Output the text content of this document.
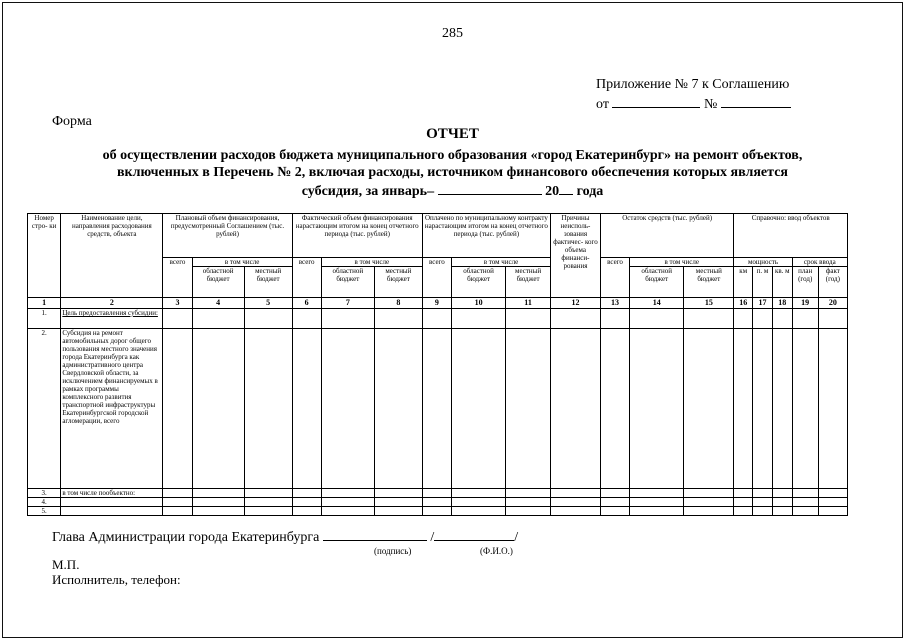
285
Приложение № 7 к Соглашению
от	№
Форма
ОТЧЕТ
об осуществлении расходов бюджета муниципального образования «город Екатеринбург» на ремонт объектов,
включенных в Перечень № 2, включая расходы, источником финансового обеспечения которых является
субсидия, за январь–	20 года
Номер стро- ки	Наименование цели, направления расходования средств, объекта	Плановый объем финансирования, предусмотренный Соглашением (тыс. рублей)			Фактический объем финансирования нарастающим итогом на конец отчетного периода (тыс. рублей)			Оплачено по муниципальному контракту нарастающим итогом на конец отчетного периода (тыс. рублей)			Причины неисполь- зования фактичес- кого объема финанси- рования	Остаток средств (тыс. рублей)			Справочно: ввод объектов				
		всего	в том числе		всего	в том числе		всего	в том числе			всего	в том числе		мощность			срок ввода	
			областной бюджет	местный бюджет		областной бюджет	местный бюджет		областной бюджет	местный бюджет			областной бюджет	местный бюджет	км	п. м	кв. м	план (год)	факт (год)
1	2	3	4	5	6	7	8	9	10	11	12	13	14	15	16	17	18	19	20
1.	Цель предоставления субсидии:																		
2.	Субсидия на ремонт автомобильных дорог общего пользования местного значения города Екатеринбурга как административного центра Свердловской области, за исключением финансируемых в рамках программы комплексного развития транспортной инфраструктуры Екатеринбургской городской агломерации, всего																		
3.	в том числе пообъектно:																		
4.																			
5.																			
Глава Администрации города Екатеринбурга	/	/
(подпись)	(Ф.И.О.)
М.П.
Исполнитель, телефон:
